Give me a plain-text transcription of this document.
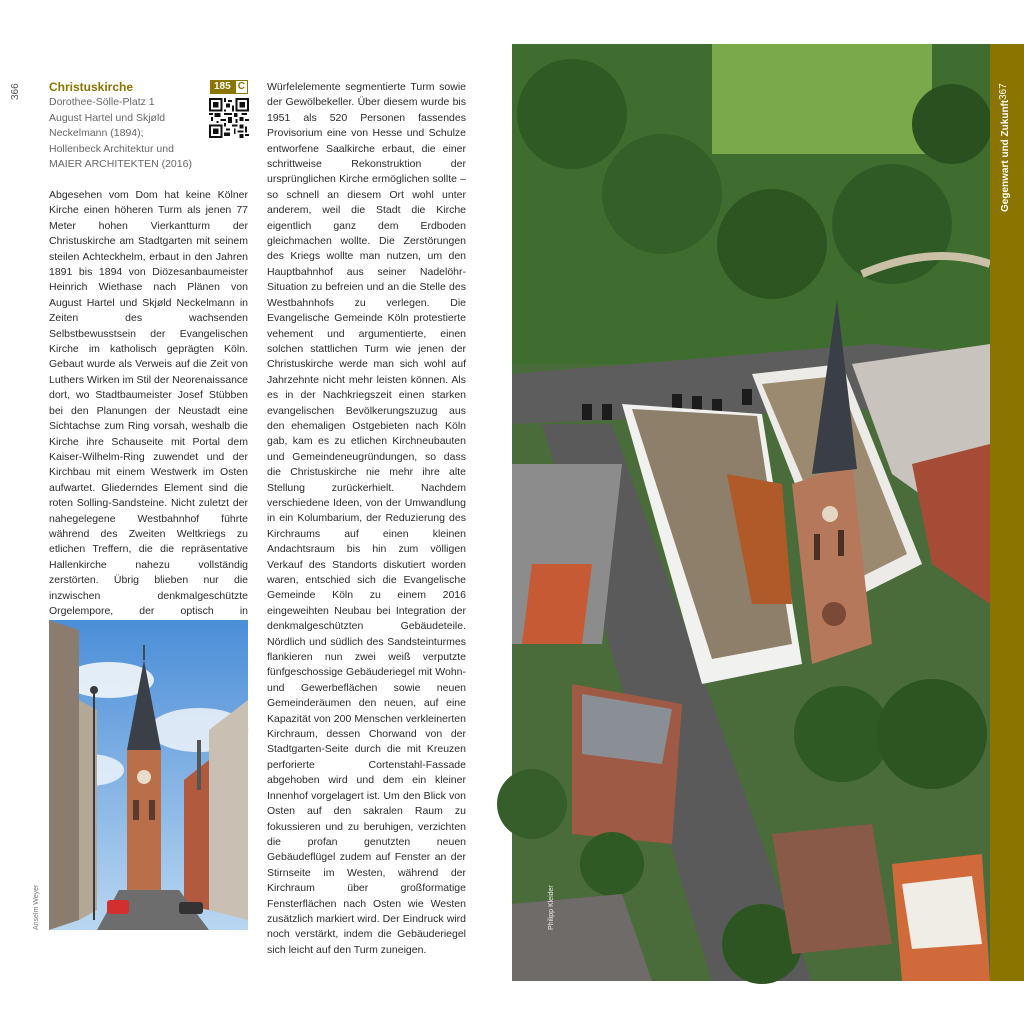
366 Christuskirche

Dorothee-Sölle-Platz 1

August Hartel und Skjøld

Neckelmann (1894);

Hollenbeck Architektur und

MAIER ARCHITEKTEN (2016)

185 C
Abgesehen vom Dom hat keine Kölner Kirche einen höheren Turm als jenen 77 Meter hohen Vierkantturm der Christuskirche am Stadtgarten mit seinem steilen Achteckhelm, erbaut in den Jahren 1891 bis 1894 von Diözesanbaumeister Heinrich Wiethase nach Plänen von August Hartel und Skjøld Neckelmann in Zeiten des wachsenden Selbstbewusstsein der Evangelischen Kirche im katholisch geprägten Köln. Gebaut wurde als Verweis auf die Zeit von Luthers Wirken im Stil der Neorenaissance dort, wo Stadtbaumeister Josef Stübben bei den Planungen der Neustadt eine Sichtachse zum Ring vorsah, weshalb die Kirche ihre Schauseite mit Portal dem Kaiser-Wilhelm-Ring zuwendet und der Kirchbau mit einem Westwerk im Osten aufwartet. Gliederndes Element sind die roten Solling-Sandsteine. Nicht zuletzt der nahegelegene Westbahnhof führte während des Zweiten Weltkriegs zu etlichen Treffern, die die repräsentative Hallenkirche nahezu vollständig zerstörten. Übrig blieben nur die inzwischen denkmalgeschützte Orgelempore, der optisch in
Anselm Weyer
Würfelelemente segmentierte Turm sowie der Gewölbekeller. Über diesem wurde bis 1951 als 520 Personen fassendes Provisorium eine von Hesse und Schulze entworfene Saalkirche erbaut, die einer schrittweise Rekonstruktion der ursprünglichen Kirche ermöglichen sollte – so schnell an diesem Ort wohl unter anderem, weil die Stadt die Kirche eigentlich ganz dem Erdboden gleichmachen wollte. Die Zerstörungen des Kriegs wollte man nutzen, um den Hauptbahnhof aus seiner Nadelöhr-Situation zu befreien und an die Stelle des Westbahnhofs zu verlegen. Die Evangelische Gemeinde Köln protestierte vehement und argumentierte, einen solchen stattlichen Turm wie jenen der Christuskirche werde man sich wohl auf Jahrzehnte nicht mehr leisten können. Als es in der Nachkriegszeit einen starken evangelischen Bevölkerungszuzug aus den ehemaligen Ostgebieten nach Köln gab, kam es zu etlichen Kirchneubauten und Gemeindeneugründungen, so dass die Christuskirche nie mehr ihre alte Stellung zurückerhielt. Nachdem verschiedene Ideen, von der Umwandlung in ein Kolumbarium, der Reduzierung des Kirchraums auf einen kleinen Andachtsraum bis hin zum völligen Verkauf des Standorts diskutiert worden waren, entschied sich die Evangelische Gemeinde Köln zu einem 2016 eingeweihten Neubau bei Integration der denkmalgeschützten Gebäudeteile. Nördlich und südlich des Sandsteinturmes flankieren nun zwei weiß verputzte fünfgeschossige Gebäuderiegel mit Wohn- und Gewerbeflächen sowie neuen Gemeinderäumen den neuen, auf eine Kapazität von 200 Menschen verkleinerten Kirchraum, dessen Chorwand von der Stadtgarten-Seite durch die mit Kreuzen perforierte Cortenstahl-Fassade abgehoben wird und dem ein kleiner Innenhof vorgelagert ist. Um den Blick von Osten auf den sakralen Raum zu fokussieren und zu beruhigen, verzichten die profan genutzten neuen Gebäudeflügel zudem auf Fenster an der Stirnseite im Westen, während der Kirchraum über großformatige Fensterflächen nach Osten wie Westen zusätzlich markiert wird. Der Eindruck wird noch verstärkt, indem die Gebäuderiegel sich leicht auf den Turm zuneigen.
Philipp Kleider
Gegenwart und Zukunft
367
